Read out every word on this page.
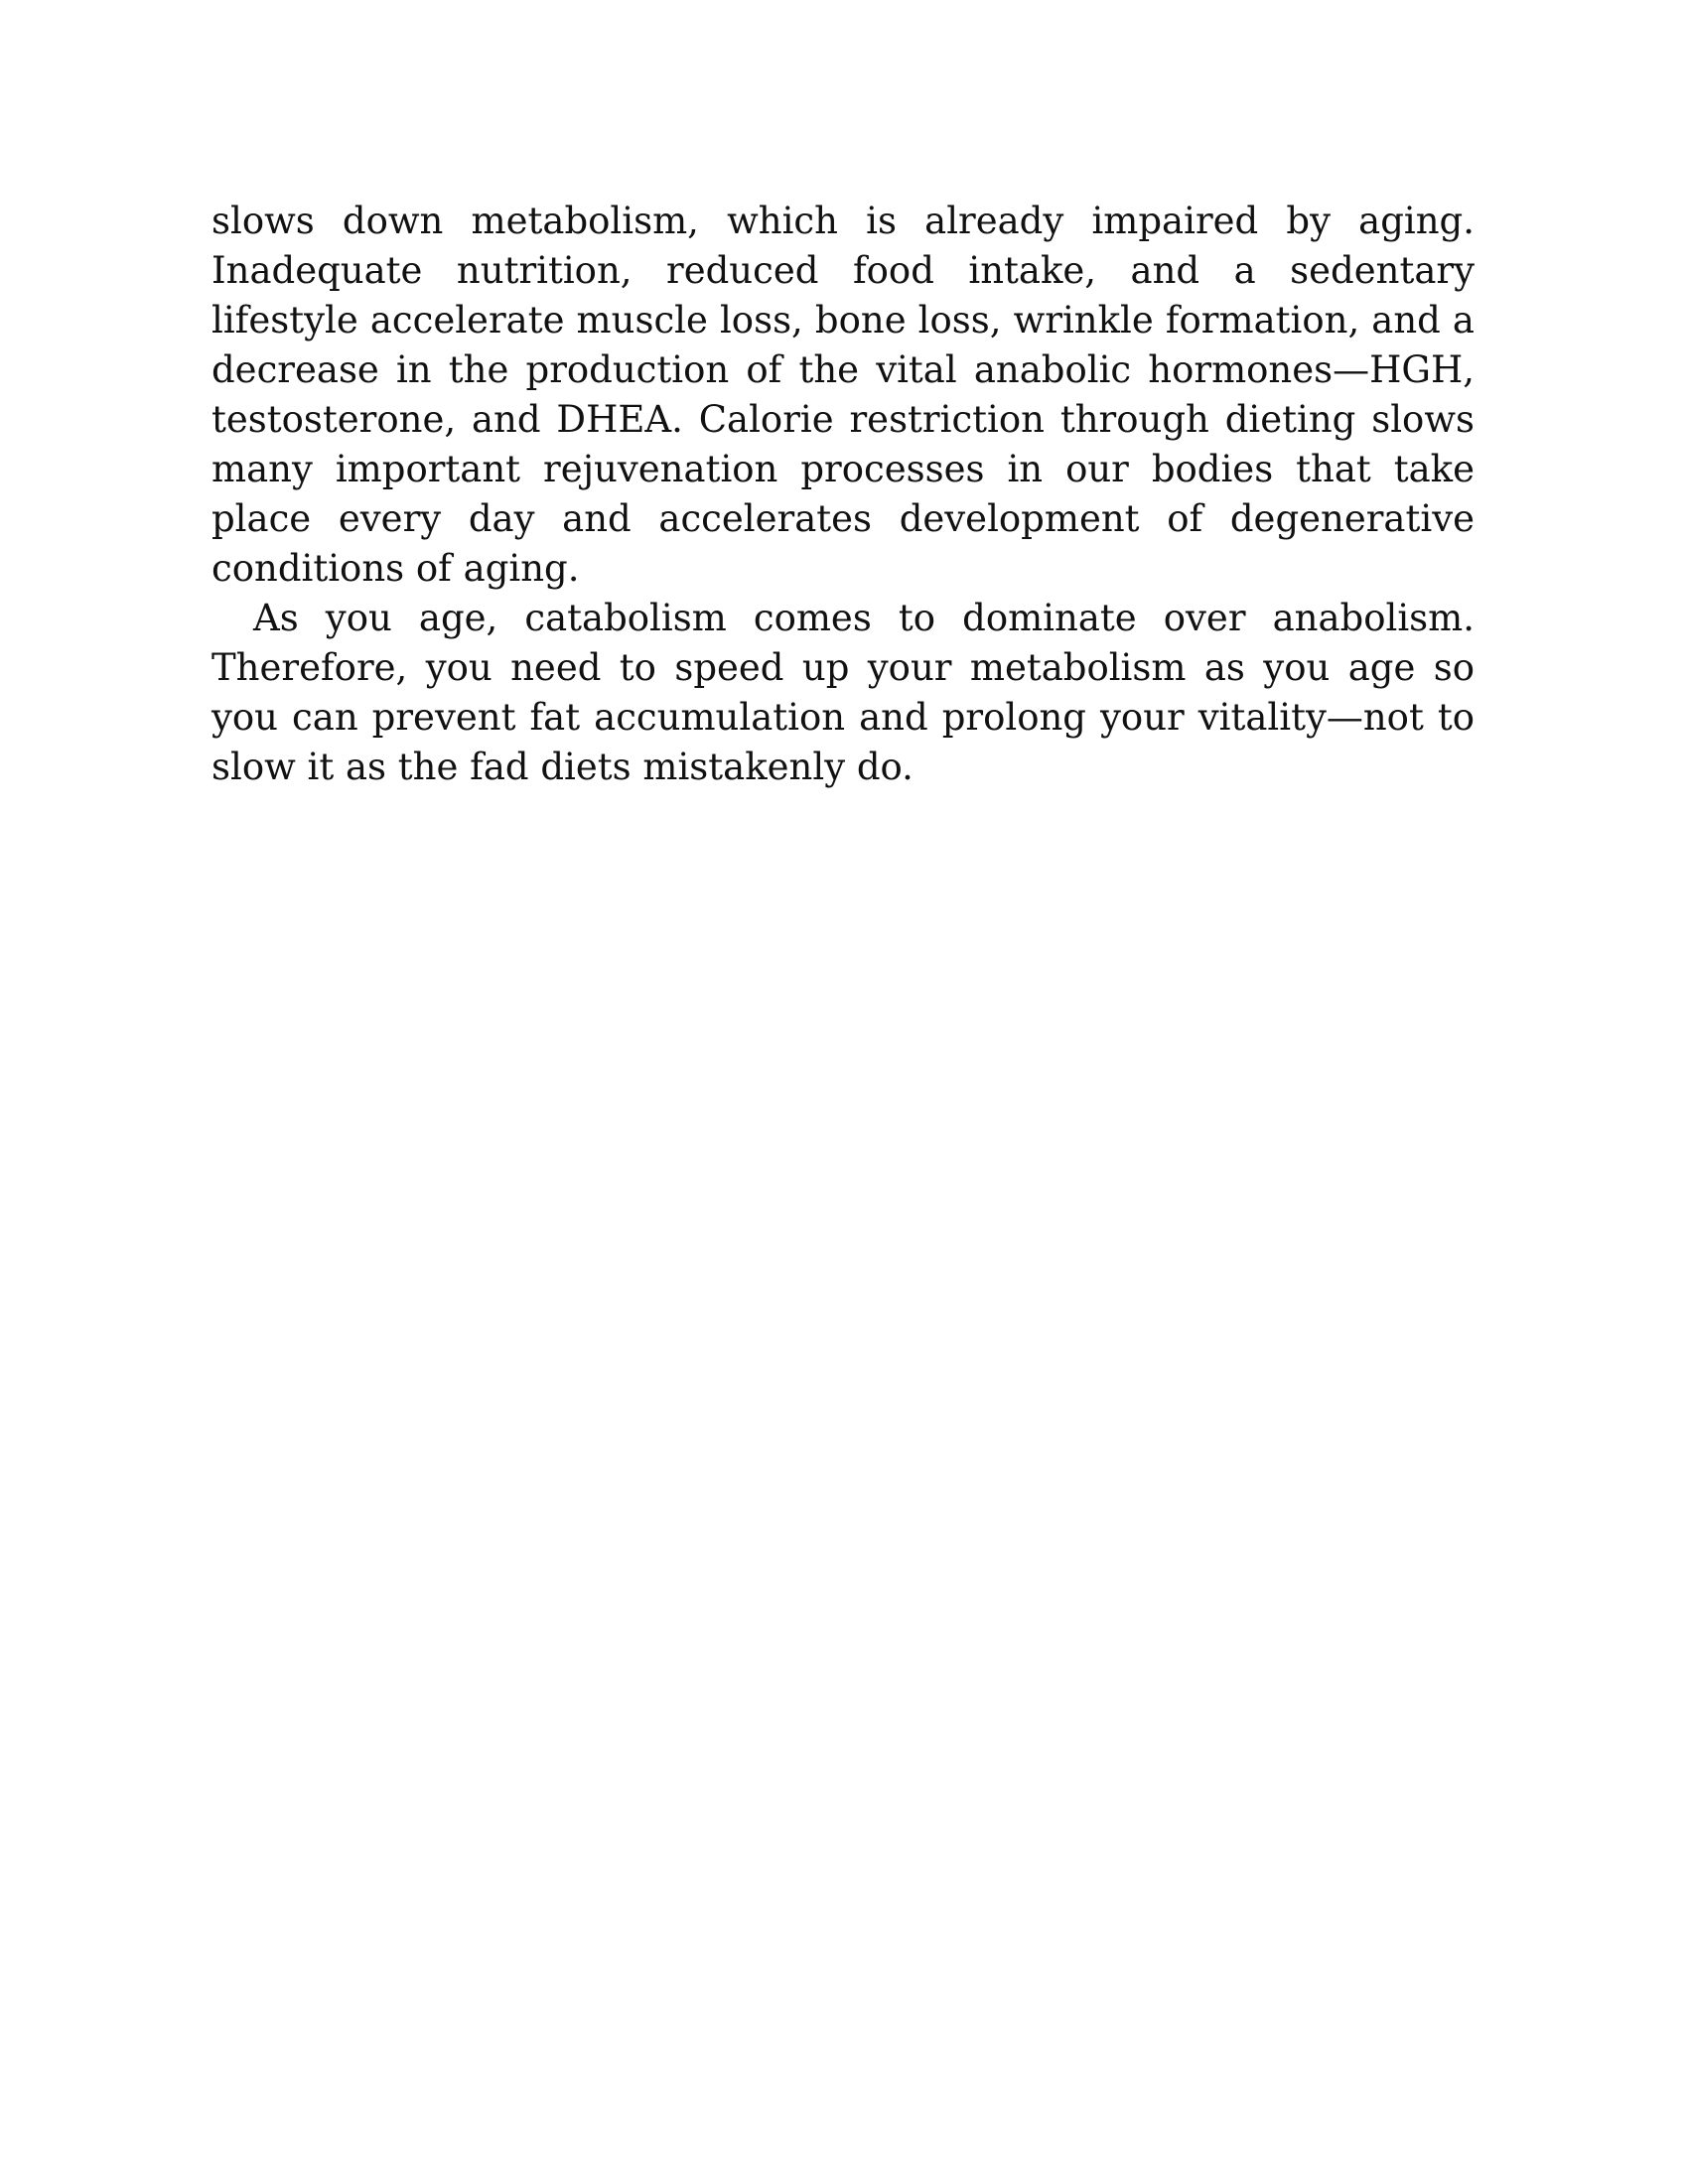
slows down metabolism, which is already impaired by aging. Inadequate nutrition, reduced food intake, and a sedentary lifestyle accelerate muscle loss, bone loss, wrinkle formation, and a decrease in the production of the vital anabolic hormones—HGH, testosterone, and DHEA. Calorie restriction through dieting slows many important rejuvenation processes in our bodies that take place every day and accelerates development of degenerative conditions of aging.

As you age, catabolism comes to dominate over anabolism. Therefore, you need to speed up your metabolism as you age so you can prevent fat accumulation and prolong your vitality—not to slow it as the fad diets mistakenly do.
